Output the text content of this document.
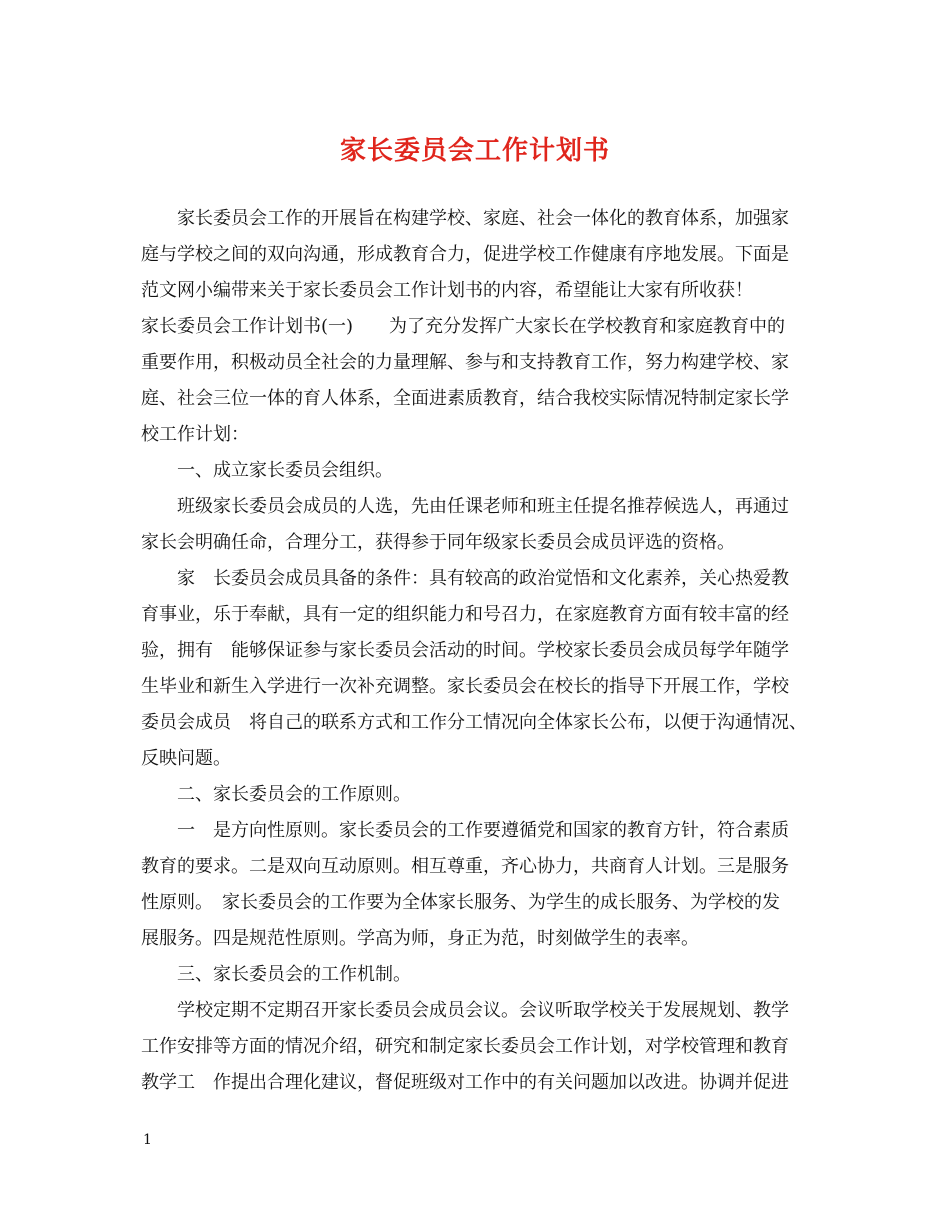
家长委员会工作计划书
家长委员会工作的开展旨在构建学校、家庭、社会一体化的教育体系，加强家
庭与学校之间的双向沟通，形成教育合力，促进学校工作健康有序地发展。下面是
范文网小编带来关于家长委员会工作计划书的内容，希望能让大家有所收获！
家长委员会工作计划书(一)　　为了充分发挥广大家长在学校教育和家庭教育中的
重要作用，积极动员全社会的力量理解、参与和支持教育工作，努力构建学校、家
庭、社会三位一体的育人体系，全面进素质教育，结合我校实际情况特制定家长学
校工作计划：
一、成立家长委员会组织。
班级家长委员会成员的人选，先由任课老师和班主任提名推荐候选人，再通过
家长会明确任命，合理分工，获得参于同年级家长委员会成员评选的资格。
家　长委员会成员具备的条件：具有较高的政治觉悟和文化素养，关心热爱教
育事业，乐于奉献，具有一定的组织能力和号召力，在家庭教育方面有较丰富的经
验，拥有　能够保证参与家长委员会活动的时间。学校家长委员会成员每学年随学
生毕业和新生入学进行一次补充调整。家长委员会在校长的指导下开展工作，学校
委员会成员　将自己的联系方式和工作分工情况向全体家长公布，以便于沟通情况、
反映问题。
二、家长委员会的工作原则。
一　是方向性原则。家长委员会的工作要遵循党和国家的教育方针，符合素质
教育的要求。二是双向互动原则。相互尊重，齐心协力，共商育人计划。三是服务
性原则。　家长委员会的工作要为全体家长服务、为学生的成长服务、为学校的发
展服务。四是规范性原则。学高为师，身正为范，时刻做学生的表率。
三、家长委员会的工作机制。
学校定期不定期召开家长委员会成员会议。会议听取学校关于发展规划、教学
工作安排等方面的情况介绍，研究和制定家长委员会工作计划，对学校管理和教育
教学工　作提出合理化建议，督促班级对工作中的有关问题加以改进。协调并促进
1
